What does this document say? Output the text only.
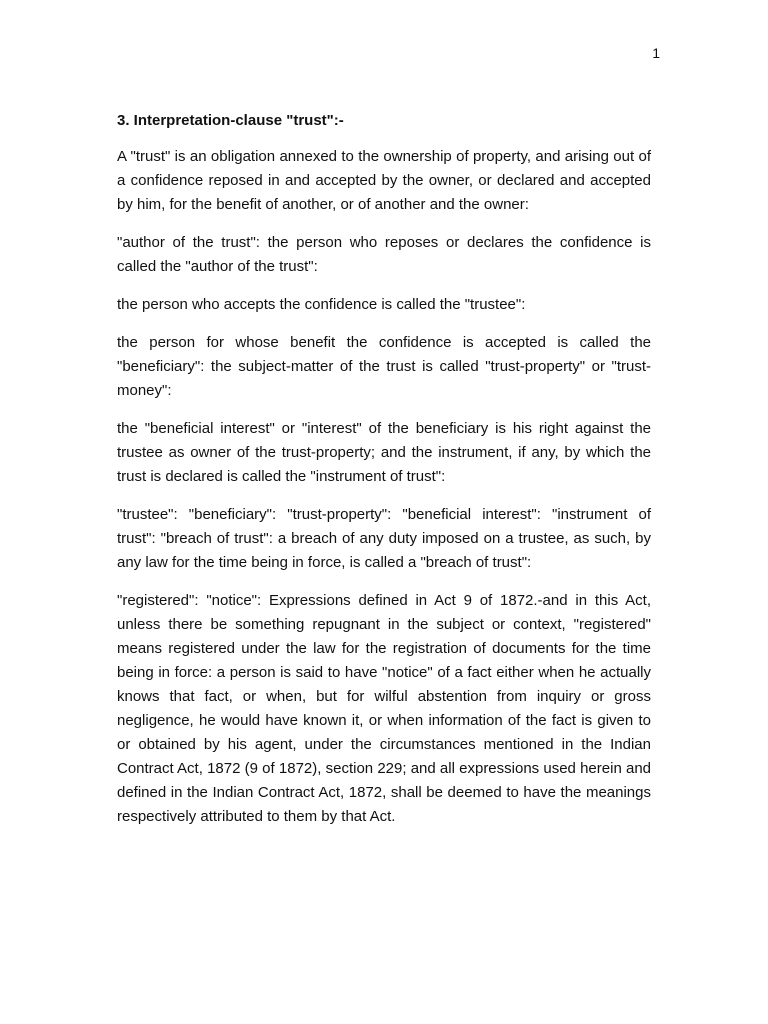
1

3. Interpretation-clause "trust":-

A "trust" is an obligation annexed to the ownership of property, and arising out of a confidence reposed in and accepted by the owner, or declared and accepted by him, for the benefit of another, or of another and the owner:

"author of the trust": the person who reposes or declares the confidence is called the "author of the trust":

the person who accepts the confidence is called the "trustee":

the person for whose benefit the confidence is accepted is called the "beneficiary": the subject-matter of the trust is called "trust-property" or "trust-money":

the "beneficial interest" or "interest" of the beneficiary is his right against the trustee as owner of the trust-property; and the instrument, if any, by which the trust is declared is called the "instrument of trust":

"trustee": "beneficiary": "trust-property": "beneficial interest": "instrument of trust": "breach of trust": a breach of any duty imposed on a trustee, as such, by any law for the time being in force, is called a "breach of trust":

"registered": "notice": Expressions defined in Act 9 of 1872.-and in this Act, unless there be something repugnant in the subject or context, "registered" means registered under the law for the registration of documents for the time being in force: a person is said to have "notice" of a fact either when he actually knows that fact, or when, but for wilful abstention from inquiry or gross negligence, he would have known it, or when information of the fact is given to or obtained by his agent, under the circumstances mentioned in the Indian Contract Act, 1872 (9 of 1872), section 229; and all expressions used herein and defined in the Indian Contract Act, 1872, shall be deemed to have the meanings respectively attributed to them by that Act.
